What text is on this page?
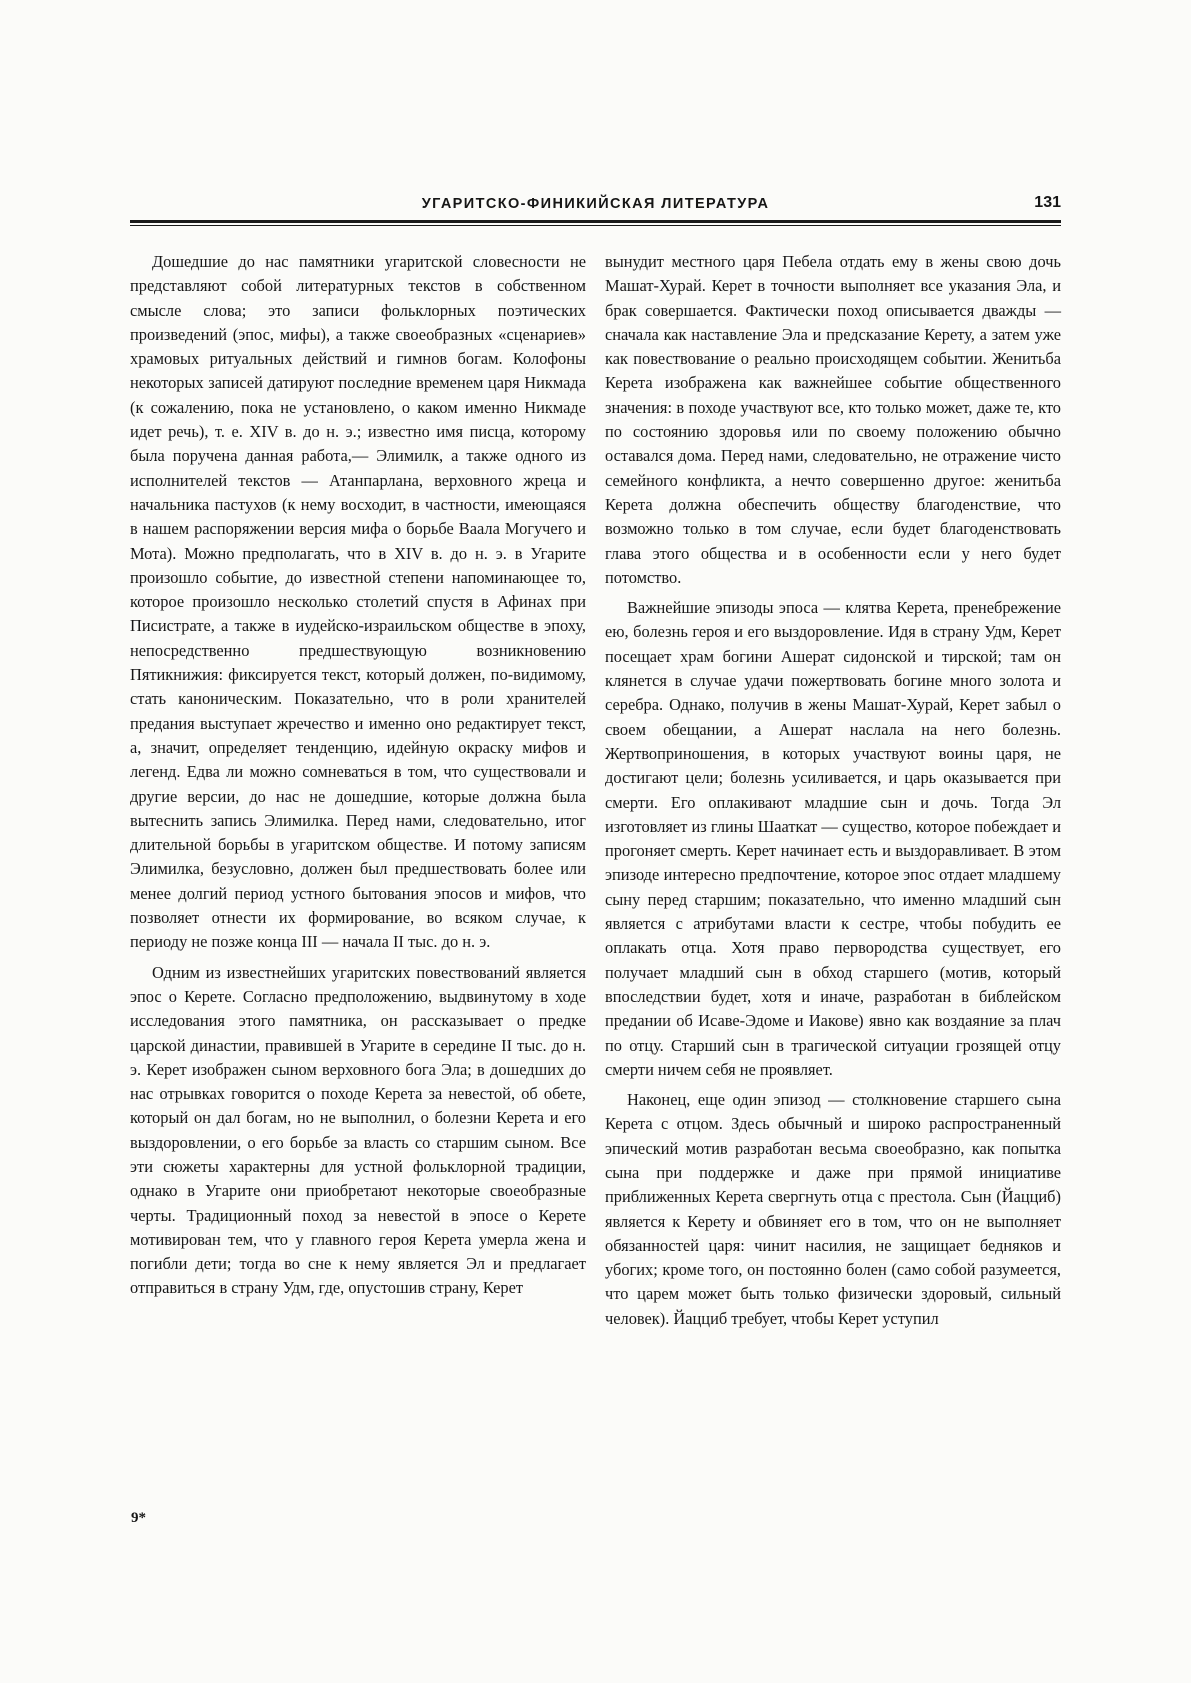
УГАРИТСКО-ФИНИКИЙСКАЯ ЛИТЕРАТУРА	131

Дошедшие до нас памятники угаритской словесности не представляют собой литературных текстов в собственном смысле слова; это записи фольклорных поэтических произведений (эпос, мифы), а также своеобразных «сценариев» храмовых ритуальных действий и гимнов богам. Колофоны некоторых записей датируют последние временем царя Никмада (к сожалению, пока не установлено, о каком именно Никмаде идет речь), т. е. XIV в. до н. э.; известно имя писца, которому была поручена данная работа,— Элимилк, а также одного из исполнителей текстов — Атанпарлана, верховного жреца и начальника пастухов (к нему восходит, в частности, имеющаяся в нашем распоряжении версия мифа о борьбе Ваала Могучего и Мота). Можно предполагать, что в XIV в. до н. э. в Угарите произошло событие, до известной степени напоминающее то, которое произошло несколько столетий спустя в Афинах при Писистрате, а также в иудейско-израильском обществе в эпоху, непосредственно предшествующую возникновению Пятикнижия: фиксируется текст, который должен, по-видимому, стать каноническим. Показательно, что в роли хранителей предания выступает жречество и именно оно редактирует текст, а, значит, определяет тенденцию, идейную окраску мифов и легенд. Едва ли можно сомневаться в том, что существовали и другие версии, до нас не дошедшие, которые должна была вытеснить запись Элимилка. Перед нами, следовательно, итог длительной борьбы в угаритском обществе. И потому записям Элимилка, безусловно, должен был предшествовать более или менее долгий период устного бытования эпосов и мифов, что позволяет отнести их формирование, во всяком случае, к периоду не позже конца III — начала II тыс. до н. э.

Одним из известнейших угаритских повествований является эпос о Керете. Согласно предположению, выдвинутому в ходе исследования этого памятника, он рассказывает о предке царской династии, правившей в Угарите в середине II тыс. до н. э. Керет изображен сыном верховного бога Эла; в дошедших до нас отрывках говорится о походе Керета за невестой, об обете, который он дал богам, но не выполнил, о болезни Керета и его выздоровлении, о его борьбе за власть со старшим сыном. Все эти сюжеты характерны для устной фольклорной традиции, однако в Угарите они приобретают некоторые своеобразные черты. Традиционный поход за невестой в эпосе о Керете мотивирован тем, что у главного героя Керета умерла жена и погибли дети; тогда во сне к нему является Эл и предлагает отправиться в страну Удм, где, опустошив страну, Керет

вынудит местного царя Пебела отдать ему в жены свою дочь Машат-Хурай. Керет в точности выполняет все указания Эла, и брак совершается. Фактически поход описывается дважды — сначала как наставление Эла и предсказание Керету, а затем уже как повествование о реально происходящем событии. Женитьба Керета изображена как важнейшее событие общественного значения: в походе участвуют все, кто только может, даже те, кто по состоянию здоровья или по своему положению обычно оставался дома. Перед нами, следовательно, не отражение чисто семейного конфликта, а нечто совершенно другое: женитьба Керета должна обеспечить обществу благоденствие, что возможно только в том случае, если будет благоденствовать глава этого общества и в особенности если у него будет потомство.

Важнейшие эпизоды эпоса — клятва Керета, пренебрежение ею, болезнь героя и его выздоровление. Идя в страну Удм, Керет посещает храм богини Ашерат сидонской и тирской; там он клянется в случае удачи пожертвовать богине много золота и серебра. Однако, получив в жены Машат-Хурай, Керет забыл о своем обещании, а Ашерат наслала на него болезнь. Жертвоприношения, в которых участвуют воины царя, не достигают цели; болезнь усиливается, и царь оказывается при смерти. Его оплакивают младшие сын и дочь. Тогда Эл изготовляет из глины Шааткат — существо, которое побеждает и прогоняет смерть. Керет начинает есть и выздоравливает. В этом эпизоде интересно предпочтение, которое эпос отдает младшему сыну перед старшим; показательно, что именно младший сын является с атрибутами власти к сестре, чтобы побудить ее оплакать отца. Хотя право первородства существует, его получает младший сын в обход старшего (мотив, который впоследствии будет, хотя и иначе, разработан в библейском предании об Исаве-Эдоме и Иакове) явно как воздаяние за плач по отцу. Старший сын в трагической ситуации грозящей отцу смерти ничем себя не проявляет.

Наконец, еще один эпизод — столкновение старшего сына Керета с отцом. Здесь обычный и широко распространенный эпический мотив разработан весьма своеобразно, как попытка сына при поддержке и даже при прямой инициативе приближенных Керета свергнуть отца с престола. Сын (Йацциб) является к Керету и обвиняет его в том, что он не выполняет обязанностей царя: чинит насилия, не защищает бедняков и убогих; кроме того, он постоянно болен (само собой разумеется, что царем может быть только физически здоровый, сильный человек). Йацциб требует, чтобы Керет уступил

9*
